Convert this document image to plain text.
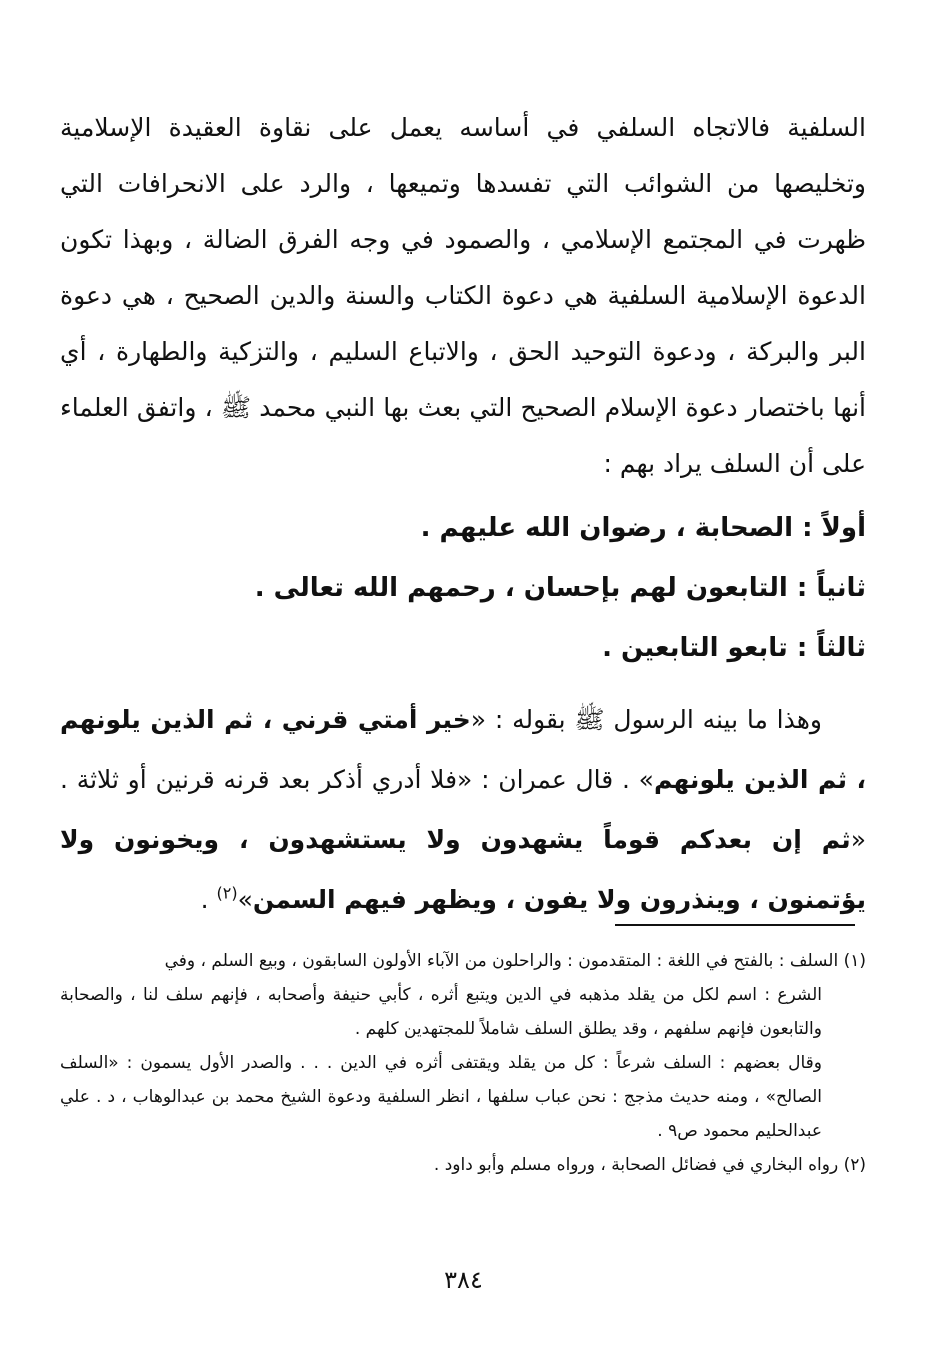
السلفية فالاتجاه السلفي في أساسه يعمل على نقاوة العقيدة الإسلامية وتخليصها من الشوائب التي تفسدها وتميعها ، والرد على الانحرافات التي ظهرت في المجتمع الإسلامي ، والصمود في وجه الفرق الضالة ، وبهذا تكون الدعوة الإسلامية السلفية هي دعوة الكتاب والسنة والدين الصحيح ، هي دعوة البر والبركة ، ودعوة التوحيد الحق ، والاتباع السليم ، والتزكية والطهارة ، أي أنها باختصار دعوة الإسلام الصحيح التي بعث بها النبي محمد ﷺ ، واتفق العلماء على أن السلف يراد بهم :

أولاً : الصحابة ، رضوان الله عليهم .

ثانياً : التابعون لهم بإحسان ، رحمهم الله تعالى .

ثالثاً : تابعو التابعين .

وهذا ما بينه الرسول ﷺ بقوله : «خير أمتي قرني ، ثم الذين يلونهم ، ثم الذين يلونهم» . قال عمران : «فلا أدري أذكر بعد قرنه قرنين أو ثلاثة . «ثم إن بعدكم قوماً يشهدون ولا يستشهدون ، ويخونون ولا يؤتمنون ، وينذرون ولا يفون ، ويظهر فيهم السمن»$^{(٢)}$ .

(١) السلف : بالفتح في اللغة : المتقدمون : والراحلون من الآباء الأولون السابقون ، وبيع السلم ، وفي

الشرع : اسم لكل من يقلد مذهبه في الدين ويتبع أثره ، كأبي حنيفة وأصحابه ، فإنهم سلف لنا ، والصحابة والتابعون فإنهم سلفهم ، وقد يطلق السلف شاملاً للمجتهدين كلهم .

وقال بعضهم : السلف شرعاً : كل من يقلد ويقتفى أثره في الدين . . . والصدر الأول يسمون : «السلف الصالح» ، ومنه حديث مذجج : نحن عباب سلفها ، انظر السلفية ودعوة الشيخ محمد بن عبدالوهاب ، د . علي عبدالحليم محمود ص٩ .

(٢) رواه البخاري في فضائل الصحابة ، ورواه مسلم وأبو داود .

٣٨٤
